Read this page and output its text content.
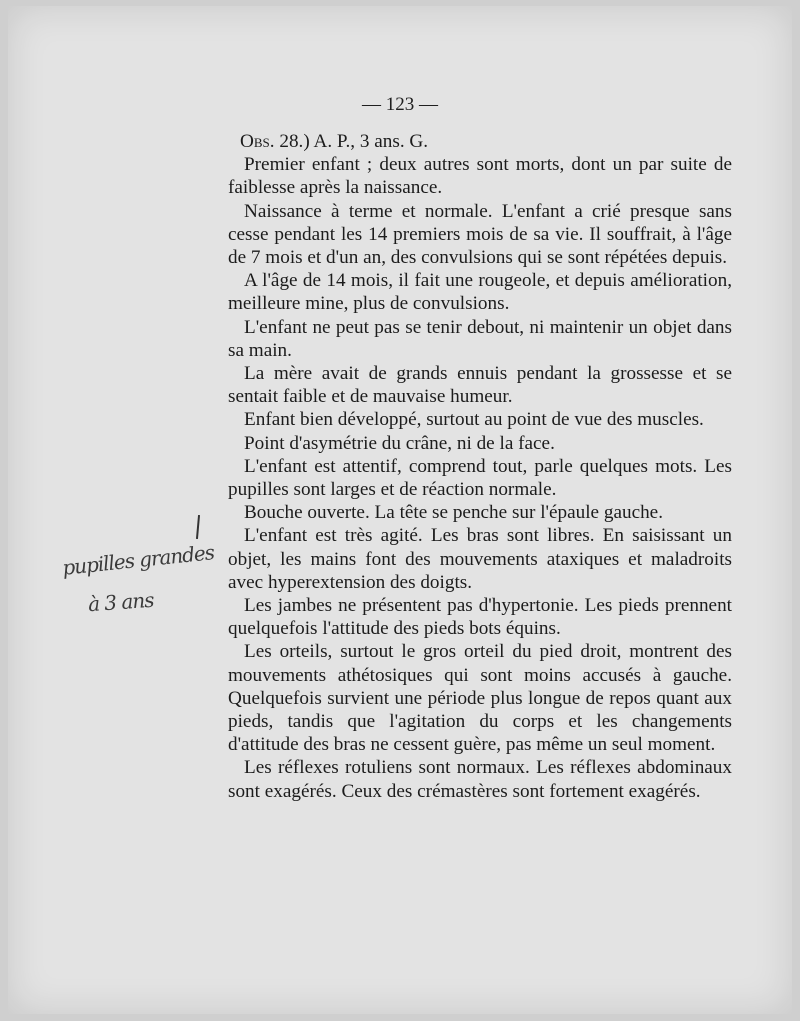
— 123 —

Obs. 28.) A. P., 3 ans. G.

Premier enfant ; deux autres sont morts, dont un par suite de faiblesse après la naissance.

Naissance à terme et normale. L'enfant a crié presque sans cesse pendant les 14 premiers mois de sa vie. Il souffrait, à l'âge de 7 mois et d'un an, des convulsions qui se sont répétées depuis.

A l'âge de 14 mois, il fait une rougeole, et depuis amélioration, meilleure mine, plus de convulsions.

L'enfant ne peut pas se tenir debout, ni maintenir un objet dans sa main.

La mère avait de grands ennuis pendant la grossesse et se sentait faible et de mauvaise humeur.

Enfant bien développé, surtout au point de vue des muscles.

Point d'asymétrie du crâne, ni de la face.

L'enfant est attentif, comprend tout, parle quelques mots. Les pupilles sont larges et de réaction normale.

Bouche ouverte. La tête se penche sur l'épaule gauche.

L'enfant est très agité. Les bras sont libres. En saisissant un objet, les mains font des mouvements ataxiques et maladroits avec hyperextension des doigts.

Les jambes ne présentent pas d'hypertonie. Les pieds prennent quelquefois l'attitude des pieds bots équins.

Les orteils, surtout le gros orteil du pied droit, montrent des mouvements athétosiques qui sont moins accusés à gauche. Quelquefois survient une période plus longue de repos quant aux pieds, tandis que l'agitation du corps et les changements d'attitude des bras ne cessent guère, pas même un seul moment.

Les réflexes rotuliens sont normaux. Les réflexes abdominaux sont exagérés. Ceux des crémastères sont fortement exagérés.

pupilles grandes
à 3 ans
